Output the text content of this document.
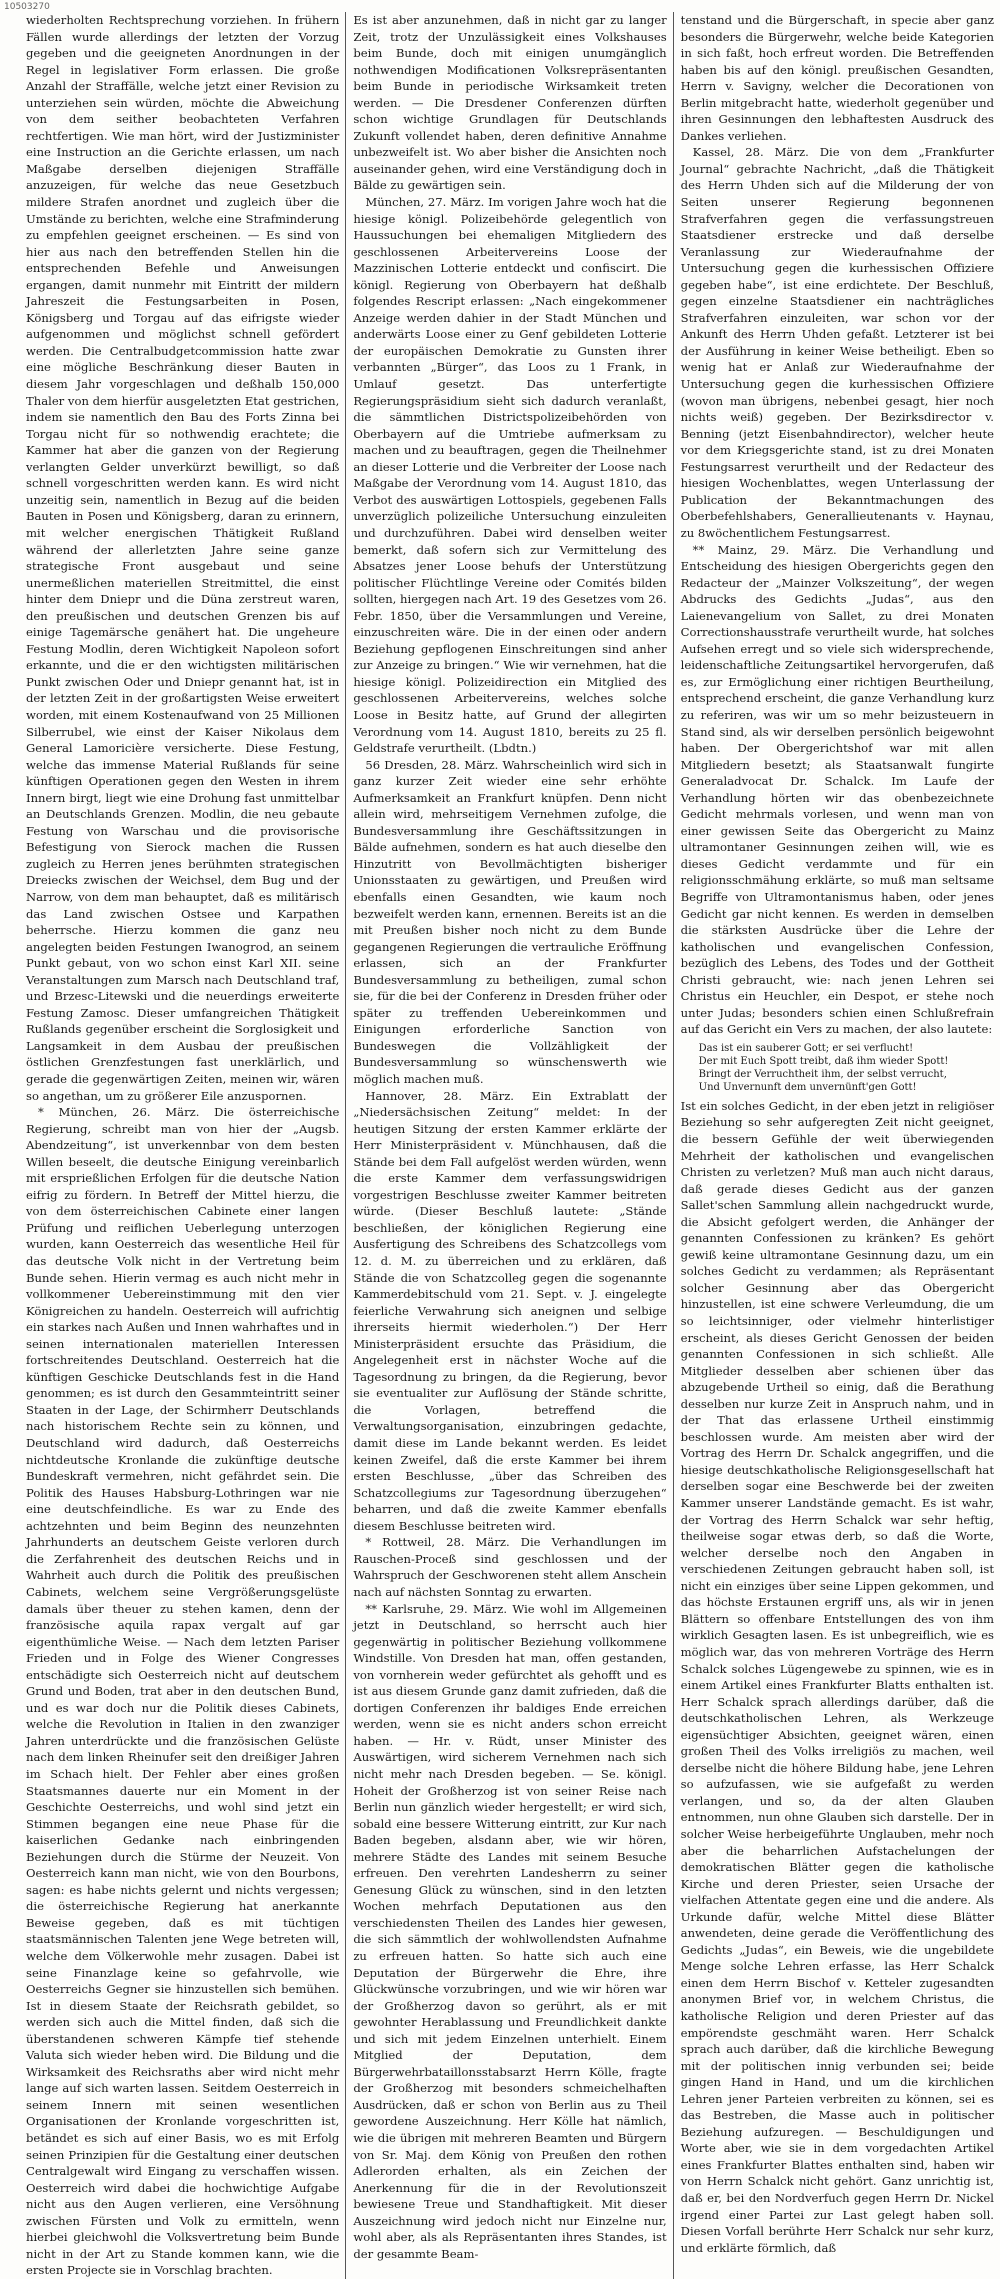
10503270

wiederholten Rechtsprechung vorziehen. In frühern Fällen wurde allerdings der letzten der Vorzug gegeben und die geeigneten Anordnungen in der Regel in legislativer Form erlassen. Die große Anzahl der Straffälle, welche jetzt einer Revision zu unterziehen sein würden, möchte die Abweichung von dem seither beobachteten Verfahren rechtfertigen. Wie man hört, wird der Justizminister eine Instruction an die Gerichte erlassen, um nach Maßgabe derselben diejenigen Straffälle anzuzeigen, für welche das neue Gesetzbuch mildere Strafen anordnet und zugleich über die Umstände zu berichten, welche eine Strafminderung zu empfehlen geeignet erscheinen. — Es sind von hier aus nach den betreffenden Stellen hin die entsprechenden Befehle und Anweisungen ergangen, damit nunmehr mit Eintritt der mildern Jahreszeit die Festungsarbeiten in Posen, Königsberg und Torgau auf das eifrigste wieder aufgenommen und möglichst schnell gefördert werden. Die Centralbudgetcommission hatte zwar eine mögliche Beschränkung dieser Bauten in diesem Jahr vorgeschlagen und deßhalb 150,000 Thaler von dem hierfür ausgeletzten Etat gestrichen, indem sie namentlich den Bau des Forts Zinna bei Torgau nicht für so nothwendig erachtete; die Kammer hat aber die ganzen von der Regierung verlangten Gelder unverkürzt bewilligt, so daß schnell vorgeschritten werden kann. Es wird nicht unzeitig sein, namentlich in Bezug auf die beiden Bauten in Posen und Königsberg, daran zu erinnern, mit welcher energischen Thätigkeit Rußland während der allerletzten Jahre seine ganze strategische Front ausgebaut und seine unermeßlichen materiellen Streitmittel, die einst hinter dem Dniepr und die Düna zerstreut waren, den preußischen und deutschen Grenzen bis auf einige Tagemärsche genähert hat. Die ungeheure Festung Modlin, deren Wichtigkeit Napoleon sofort erkannte, und die er den wichtigsten militärischen Punkt zwischen Oder und Dniepr genannt hat, ist in der letzten Zeit in der großartigsten Weise erweitert worden, mit einem Kostenaufwand von 25 Millionen Silberrubel, wie einst der Kaiser Nikolaus dem General Lamoricière versicherte. Diese Festung, welche das immense Material Rußlands für seine künftigen Operationen gegen den Westen in ihrem Innern birgt, liegt wie eine Drohung fast unmittelbar an Deutschlands Grenzen. Modlin, die neu gebaute Festung von Warschau und die provisorische Befestigung von Sierock machen die Russen zugleich zu Herren jenes berühmten strategischen Dreiecks zwischen der Weichsel, dem Bug und der Narrow, von dem man behauptet, daß es militärisch das Land zwischen Ostsee und Karpathen beherrsche. Hierzu kommen die ganz neu angelegten beiden Festungen Iwanogrod, an seinem Punkt gebaut, von wo schon einst Karl XII. seine Veranstaltungen zum Marsch nach Deutschland traf, und Brzesc-Litewski und die neuerdings erweiterte Festung Zamosc. Dieser umfangreichen Thätigkeit Rußlands gegenüber erscheint die Sorglosigkeit und Langsamkeit in dem Ausbau der preußischen östlichen Grenzfestungen fast unerklärlich, und gerade die gegenwärtigen Zeiten, meinen wir, wären so angethan, um zu größerer Eile anzuspornen.

* München, 26. März. Die österreichische Regierung, schreibt man von hier der „Augsb. Abendzeitung“, ist unverkennbar von dem besten Willen beseelt, die deutsche Einigung vereinbarlich mit ersprießlichen Erfolgen für die deutsche Nation eifrig zu fördern. In Betreff der Mittel hierzu, die von dem österreichischen Cabinete einer langen Prüfung und reiflichen Ueberlegung unterzogen wurden, kann Oesterreich das wesentliche Heil für das deutsche Volk nicht in der Vertretung beim Bunde sehen. Hierin vermag es auch nicht mehr in vollkommener Uebereinstimmung mit den vier Königreichen zu handeln. Oesterreich will aufrichtig ein starkes nach Außen und Innen wahrhaftes und in seinen internationalen materiellen Interessen fortschreitendes Deutschland. Oesterreich hat die künftigen Geschicke Deutschlands fest in die Hand genommen; es ist durch den Gesammteintritt seiner Staaten in der Lage, der Schirmherr Deutschlands nach historischem Rechte sein zu können, und Deutschland wird dadurch, daß Oesterreichs nichtdeutsche Kronlande die zukünftige deutsche Bundeskraft vermehren, nicht gefährdet sein. Die Politik des Hauses Habsburg-Lothringen war nie eine deutschfeindliche. Es war zu Ende des achtzehnten und beim Beginn des neunzehnten Jahrhunderts an deutschem Geiste verloren durch die Zerfahrenheit des deutschen Reichs und in Wahrheit auch durch die Politik des preußischen Cabinets, welchem seine Vergrößerungsgelüste damals über theuer zu stehen kamen, denn der französische aquila rapax vergalt auf gar eigenthümliche Weise. — Nach dem letzten Pariser Frieden und in Folge des Wiener Congresses entschädigte sich Oesterreich nicht auf deutschem Grund und Boden, trat aber in den deutschen Bund, und es war doch nur die Politik dieses Cabinets, welche die Revolution in Italien in den zwanziger Jahren unterdrückte und die französischen Gelüste nach dem linken Rheinufer seit den dreißiger Jahren im Schach hielt. Der Fehler aber eines großen Staatsmannes dauerte nur ein Moment in der Geschichte Oesterreichs, und wohl sind jetzt ein Stimmen begangen eine neue Phase für die kaiserlichen Gedanke nach einbringenden Beziehungen durch die Stürme der Neuzeit. Von Oesterreich kann man nicht, wie von den Bourbons, sagen: es habe nichts gelernt und nichts vergessen; die österreichische Regierung hat anerkannte Beweise gegeben, daß es mit tüchtigen staatsmännischen Talenten jene Wege betreten will, welche dem Völkerwohle mehr zusagen. Dabei ist seine Finanzlage keine so gefahrvolle, wie Oesterreichs Gegner sie hinzustellen sich bemühen. Ist in diesem Staate der Reichsrath gebildet, so werden sich auch die Mittel finden, daß sich die überstandenen schweren Kämpfe tief stehende Valuta sich wieder heben wird. Die Bildung und die Wirksamkeit des Reichsraths aber wird nicht mehr lange auf sich warten lassen. Seitdem Oesterreich in seinem Innern mit seinen wesentlichen Organisationen der Kronlande vorgeschritten ist, betändet es sich auf einer Basis, wo es mit Erfolg seinen Prinzipien für die Gestaltung einer deutschen Centralgewalt wird Eingang zu verschaffen wissen. Oesterreich wird dabei die hochwichtige Aufgabe nicht aus den Augen verlieren, eine Versöhnung zwischen Fürsten und Volk zu ermitteln, wenn hierbei gleichwohl die Volksvertretung beim Bunde nicht in der Art zu Stande kommen kann, wie die ersten Projecte sie in Vorschlag brachten.

Es ist aber anzunehmen, daß in nicht gar zu langer Zeit, trotz der Unzulässigkeit eines Volkshauses beim Bunde, doch mit einigen unumgänglich nothwendigen Modificationen Volksrepräsentanten beim Bunde in periodische Wirksamkeit treten werden. — Die Dresdener Conferenzen dürften schon wichtige Grundlagen für Deutschlands Zukunft vollendet haben, deren definitive Annahme unbezweifelt ist. Wo aber bisher die Ansichten noch auseinander gehen, wird eine Verständigung doch in Bälde zu gewärtigen sein.

München, 27. März. Im vorigen Jahre woch hat die hiesige königl. Polizeibehörde gelegentlich von Haussuchungen bei ehemaligen Mitgliedern des geschlossenen Arbeitervereins Loose der Mazzinischen Lotterie entdeckt und confiscirt. Die königl. Regierung von Oberbayern hat deßhalb folgendes Rescript erlassen: „Nach eingekommener Anzeige werden dahier in der Stadt München und anderwärts Loose einer zu Genf gebildeten Lotterie der europäischen Demokratie zu Gunsten ihrer verbannten „Bürger“, das Loos zu 1 Frank, in Umlauf gesetzt. Das unterfertigte Regierungspräsidium sieht sich dadurch veranlaßt, die sämmtlichen Districtspolizeibehörden von Oberbayern auf die Umtriebe aufmerksam zu machen und zu beauftragen, gegen die Theilnehmer an dieser Lotterie und die Verbreiter der Loose nach Maßgabe der Verordnung vom 14. August 1810, das Verbot des auswärtigen Lottospiels, gegebenen Falls unverzüglich polizeiliche Untersuchung einzuleiten und durchzuführen. Dabei wird denselben weiter bemerkt, daß sofern sich zur Vermittelung des Absatzes jener Loose behufs der Unterstützung politischer Flüchtlinge Vereine oder Comités bilden sollten, hiergegen nach Art. 19 des Gesetzes vom 26. Febr. 1850, über die Versammlungen und Vereine, einzuschreiten wäre. Die in der einen oder andern Beziehung gepflogenen Einschreitungen sind anher zur Anzeige zu bringen.“ Wie wir vernehmen, hat die hiesige königl. Polizeidirection ein Mitglied des geschlossenen Arbeitervereins, welches solche Loose in Besitz hatte, auf Grund der allegirten Verordnung vom 14. August 1810, bereits zu 25 fl. Geldstrafe verurtheilt. (Lbdtn.)

56 Dresden, 28. März. Wahrscheinlich wird sich in ganz kurzer Zeit wieder eine sehr erhöhte Aufmerksamkeit an Frankfurt knüpfen. Denn nicht allein wird, mehrseitigem Vernehmen zufolge, die Bundesversammlung ihre Geschäftssitzungen in Bälde aufnehmen, sondern es hat auch dieselbe den Hinzutritt von Bevollmächtigten bisheriger Unionsstaaten zu gewärtigen, und Preußen wird ebenfalls einen Gesandten, wie kaum noch bezweifelt werden kann, ernennen. Bereits ist an die mit Preußen bisher noch nicht zu dem Bunde gegangenen Regierungen die vertrauliche Eröffnung erlassen, sich an der Frankfurter Bundesversammlung zu betheiligen, zumal schon sie, für die bei der Conferenz in Dresden früher oder später zu treffenden Uebereinkommen und Einigungen erforderliche Sanction von Bundeswegen die Vollzähligkeit der Bundesversammlung so wünschenswerth wie möglich machen muß.

Hannover, 28. März. Ein Extrablatt der „Niedersächsischen Zeitung“ meldet: In der heutigen Sitzung der ersten Kammer erklärte der Herr Ministerpräsident v. Münchhausen, daß die Stände bei dem Fall aufgelöst werden würden, wenn die erste Kammer dem verfassungswidrigen vorgestrigen Beschlusse zweiter Kammer beitreten würde. (Dieser Beschluß lautete: „Stände beschließen, der königlichen Regierung eine Ausfertigung des Schreibens des Schatzcollegs vom 12. d. M. zu überreichen und zu erklären, daß Stände die von Schatzcolleg gegen die sogenannte Kammerdebitschuld vom 21. Sept. v. J. eingelegte feierliche Verwahrung sich aneignen und selbige ihrerseits hiermit wiederholen.“) Der Herr Ministerpräsident ersuchte das Präsidium, die Angelegenheit erst in nächster Woche auf die Tagesordnung zu bringen, da die Regierung, bevor sie eventualiter zur Auflösung der Stände schritte, die Vorlagen, betreffend die Verwaltungsorganisation, einzubringen gedachte, damit diese im Lande bekannt werden. Es leidet keinen Zweifel, daß die erste Kammer bei ihrem ersten Beschlusse, „über das Schreiben des Schatzcollegiums zur Tagesordnung überzugehen“ beharren, und daß die zweite Kammer ebenfalls diesem Beschlusse beitreten wird.

* Rottweil, 28. März. Die Verhandlungen im Rauschen-Proceß sind geschlossen und der Wahrspruch der Geschworenen steht allem Anschein nach auf nächsten Sonntag zu erwarten.

** Karlsruhe, 29. März. Wie wohl im Allgemeinen jetzt in Deutschland, so herrscht auch hier gegenwärtig in politischer Beziehung vollkommene Windstille. Von Dresden hat man, offen gestanden, von vornherein weder gefürchtet als gehofft und es ist aus diesem Grunde ganz damit zufrieden, daß die dortigen Conferenzen ihr baldiges Ende erreichen werden, wenn sie es nicht anders schon erreicht haben. — Hr. v. Rüdt, unser Minister des Auswärtigen, wird sicherem Vernehmen nach sich nicht mehr nach Dresden begeben. — Se. königl. Hoheit der Großherzog ist von seiner Reise nach Berlin nun gänzlich wieder hergestellt; er wird sich, sobald eine bessere Witterung eintritt, zur Kur nach Baden begeben, alsdann aber, wie wir hören, mehrere Städte des Landes mit seinem Besuche erfreuen. Den verehrten Landesherrn zu seiner Genesung Glück zu wünschen, sind in den letzten Wochen mehrfach Deputationen aus den verschiedensten Theilen des Landes hier gewesen, die sich sämmtlich der wohlwollendsten Aufnahme zu erfreuen hatten. So hatte sich auch eine Deputation der Bürgerwehr die Ehre, ihre Glückwünsche vorzubringen, und wie wir hören war der Großherzog davon so gerührt, als er mit gewohnter Herablassung und Freundlichkeit dankte und sich mit jedem Einzelnen unterhielt. Einem Mitglied der Deputation, dem Bürgerwehrbataillonsstabsarzt Herrn Kölle, fragte der Großherzog mit besonders schmeichelhaften Ausdrücken, daß er schon von Berlin aus zu Theil gewordene Auszeichnung. Herr Kölle hat nämlich, wie die übrigen mit mehreren Beamten und Bürgern von Sr. Maj. dem König von Preußen den rothen Adlerorden erhalten, als ein Zeichen der Anerkennung für die in der Revolutionszeit bewiesene Treue und Standhaftigkeit. Mit dieser Auszeichnung wird jedoch nicht nur Einzelne nur, wohl aber, als als Repräsentanten ihres Standes, ist der gesammte Beam-

tenstand und die Bürgerschaft, in specie aber ganz besonders die Bürgerwehr, welche beide Kategorien in sich faßt, hoch erfreut worden. Die Betreffenden haben bis auf den königl. preußischen Gesandten, Herrn v. Savigny, welcher die Decorationen von Berlin mitgebracht hatte, wiederholt gegenüber und ihren Gesinnungen den lebhaftesten Ausdruck des Dankes verliehen.

Kassel, 28. März. Die von dem „Frankfurter Journal“ gebrachte Nachricht, „daß die Thätigkeit des Herrn Uhden sich auf die Milderung der von Seiten unserer Regierung begonnenen Strafverfahren gegen die verfassungstreuen Staatsdiener erstrecke und daß derselbe Veranlassung zur Wiederaufnahme der Untersuchung gegen die kurhessischen Offiziere gegeben habe“, ist eine erdichtete. Der Beschluß, gegen einzelne Staatsdiener ein nachträgliches Strafverfahren einzuleiten, war schon vor der Ankunft des Herrn Uhden gefaßt. Letzterer ist bei der Ausführung in keiner Weise betheiligt. Eben so wenig hat er Anlaß zur Wiederaufnahme der Untersuchung gegen die kurhessischen Offiziere (wovon man übrigens, nebenbei gesagt, hier noch nichts weiß) gegeben. Der Bezirksdirector v. Benning (jetzt Eisenbahndirector), welcher heute vor dem Kriegsgerichte stand, ist zu drei Monaten Festungsarrest verurtheilt und der Redacteur des hiesigen Wochenblattes, wegen Unterlassung der Publication der Bekanntmachungen des Oberbefehlshabers, Generallieutenants v. Haynau, zu 8wöchentlichem Festungsarrest.

** Mainz, 29. März. Die Verhandlung und Entscheidung des hiesigen Obergerichts gegen den Redacteur der „Mainzer Volkszeitung“, der wegen Abdrucks des Gedichts „Judas“, aus den Laienevangelium von Sallet, zu drei Monaten Correctionshausstrafe verurtheilt wurde, hat solches Aufsehen erregt und so viele sich widersprechende, leidenschaftliche Zeitungsartikel hervorgerufen, daß es, zur Ermöglichung einer richtigen Beurtheilung, entsprechend erscheint, die ganze Verhandlung kurz zu referiren, was wir um so mehr beizusteuern in Stand sind, als wir derselben persönlich beigewohnt haben. Der Obergerichtshof war mit allen Mitgliedern besetzt; als Staatsanwalt fungirte Generaladvocat Dr. Schalck. Im Laufe der Verhandlung hörten wir das obenbezeichnete Gedicht mehrmals vorlesen, und wenn man von einer gewissen Seite das Obergericht zu Mainz ultramontaner Gesinnungen zeihen will, wie es dieses Gedicht verdammte und für ein religionsschmähung erklärte, so muß man seltsame Begriffe von Ultramontanismus haben, oder jenes Gedicht gar nicht kennen. Es werden in demselben die stärksten Ausdrücke über die Lehre der katholischen und evangelischen Confession, bezüglich des Lebens, des Todes und der Gottheit Christi gebraucht, wie: nach jenen Lehren sei Christus ein Heuchler, ein Despot, er stehe noch unter Judas; besonders schien einen Schlußrefrain auf das Gericht ein Vers zu machen, der also lautete:

Das ist ein sauberer Gott; er sei verflucht!
Der mit Euch Spott treibt, daß ihm wieder Spott!
Bringt der Verruchtheit ihm, der selbst verrucht,
Und Unvernunft dem unvernünft'gen Gott!

Ist ein solches Gedicht, in der eben jetzt in religiöser Beziehung so sehr aufgeregten Zeit nicht geeignet, die bessern Gefühle der weit überwiegenden Mehrheit der katholischen und evangelischen Christen zu verletzen? Muß man auch nicht daraus, daß gerade dieses Gedicht aus der ganzen Sallet'schen Sammlung allein nachgedruckt wurde, die Absicht gefolgert werden, die Anhänger der genannten Confessionen zu kränken? Es gehört gewiß keine ultramontane Gesinnung dazu, um ein solches Gedicht zu verdammen; als Repräsentant solcher Gesinnung aber das Obergericht hinzustellen, ist eine schwere Verleumdung, die um so leichtsinniger, oder vielmehr hinterlistiger erscheint, als dieses Gericht Genossen der beiden genannten Confessionen in sich schließt. Alle Mitglieder desselben aber schienen über das abzugebende Urtheil so einig, daß die Berathung desselben nur kurze Zeit in Anspruch nahm, und in der That das erlassene Urtheil einstimmig beschlossen wurde. Am meisten aber wird der Vortrag des Herrn Dr. Schalck angegriffen, und die hiesige deutschkatholische Religionsgesellschaft hat derselben sogar eine Beschwerde bei der zweiten Kammer unserer Landstände gemacht. Es ist wahr, der Vortrag des Herrn Schalck war sehr heftig, theilweise sogar etwas derb, so daß die Worte, welcher derselbe noch den Angaben in verschiedenen Zeitungen gebraucht haben soll, ist nicht ein einziges über seine Lippen gekommen, und das höchste Erstaunen ergriff uns, als wir in jenen Blättern so offenbare Entstellungen des von ihm wirklich Gesagten lasen. Es ist unbegreiflich, wie es möglich war, das von mehreren Vorträge des Herrn Schalck solches Lügengewebe zu spinnen, wie es in einem Artikel eines Frankfurter Blatts enthalten ist. Herr Schalck sprach allerdings darüber, daß die deutschkatholischen Lehren, als Werkzeuge eigensüchtiger Absichten, geeignet wären, einen großen Theil des Volks irreligiös zu machen, weil derselbe nicht die höhere Bildung habe, jene Lehren so aufzufassen, wie sie aufgefaßt zu werden verlangen, und so, da der alten Glauben entnommen, nun ohne Glauben sich darstelle. Der in solcher Weise herbeigeführte Unglauben, mehr noch aber die beharrlichen Aufstachelungen der demokratischen Blätter gegen die katholische Kirche und deren Priester, seien Ursache der vielfachen Attentate gegen eine und die andere. Als Urkunde dafür, welche Mittel diese Blätter anwendeten, deine gerade die Veröffentlichung des Gedichts „Judas“, ein Beweis, wie die ungebildete Menge solche Lehren erfasse, las Herr Schalck einen dem Herrn Bischof v. Ketteler zugesandten anonymen Brief vor, in welchem Christus, die katholische Religion und deren Priester auf das empörendste geschmäht waren. Herr Schalck sprach auch darüber, daß die kirchliche Bewegung mit der politischen innig verbunden sei; beide gingen Hand in Hand, und um die kirchlichen Lehren jener Parteien verbreiten zu können, sei es das Bestreben, die Masse auch in politischer Beziehung aufzuregen. — Beschuldigungen und Worte aber, wie sie in dem vorgedachten Artikel eines Frankfurter Blattes enthalten sind, haben wir von Herrn Schalck nicht gehört. Ganz unrichtig ist, daß er, bei den Nordverfuch gegen Herrn Dr. Nickel irgend einer Partei zur Last gelegt haben soll. Diesen Vorfall berührte Herr Schalck nur sehr kurz, und erklärte förmlich, daß
